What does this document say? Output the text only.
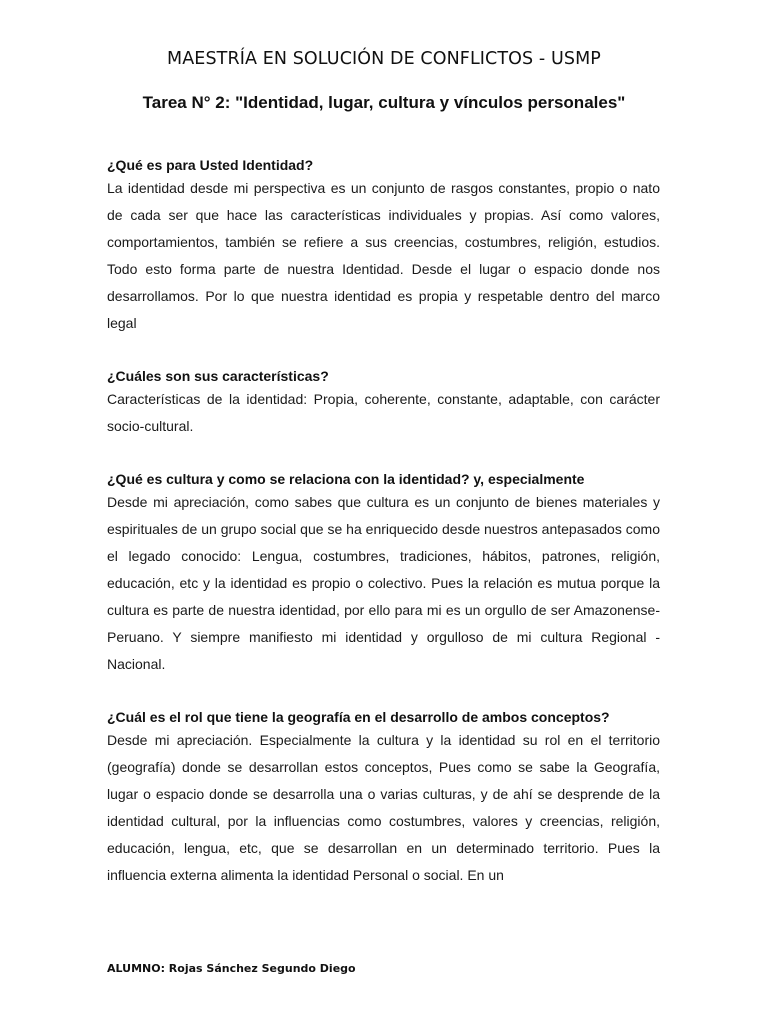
MAESTRÍA EN SOLUCIÓN DE CONFLICTOS - USMP
Tarea N° 2: "Identidad, lugar, cultura y vínculos personales"

¿Qué es para Usted Identidad?

La identidad desde mi perspectiva es un conjunto de rasgos constantes, propio o nato de cada ser que hace las características individuales y propias. Así como valores, comportamientos, también se refiere a sus creencias, costumbres, religión, estudios. Todo esto forma parte de nuestra Identidad. Desde el lugar o espacio donde nos desarrollamos. Por lo que nuestra identidad es propia y respetable dentro del marco legal

¿Cuáles son sus características?

Características de la identidad: Propia, coherente, constante, adaptable, con carácter socio-cultural.

¿Qué es cultura y como se relaciona con la identidad? y, especialmente

Desde mi apreciación, como sabes que cultura es un conjunto de bienes materiales y espirituales de un grupo social que se ha enriquecido desde nuestros antepasados como el legado conocido: Lengua, costumbres, tradiciones, hábitos, patrones, religión, educación, etc y la identidad es propio o colectivo. Pues la relación es mutua porque la cultura es parte de nuestra identidad, por ello para mi es un orgullo de ser Amazonense- Peruano. Y siempre manifiesto mi identidad y orgulloso de mi cultura Regional - Nacional.

¿Cuál es el rol que tiene la geografía en el desarrollo de ambos conceptos?

Desde mi apreciación. Especialmente la cultura y la identidad su rol en el territorio (geografía) donde se desarrollan estos conceptos, Pues como se sabe la Geografía, lugar o espacio donde se desarrolla una o varias culturas, y de ahí se desprende de la identidad cultural, por la influencias como costumbres, valores y creencias, religión, educación, lengua, etc, que se desarrollan en un determinado territorio. Pues la influencia externa alimenta la identidad Personal o social. En un

ALUMNO: Rojas Sánchez Segundo Diego
